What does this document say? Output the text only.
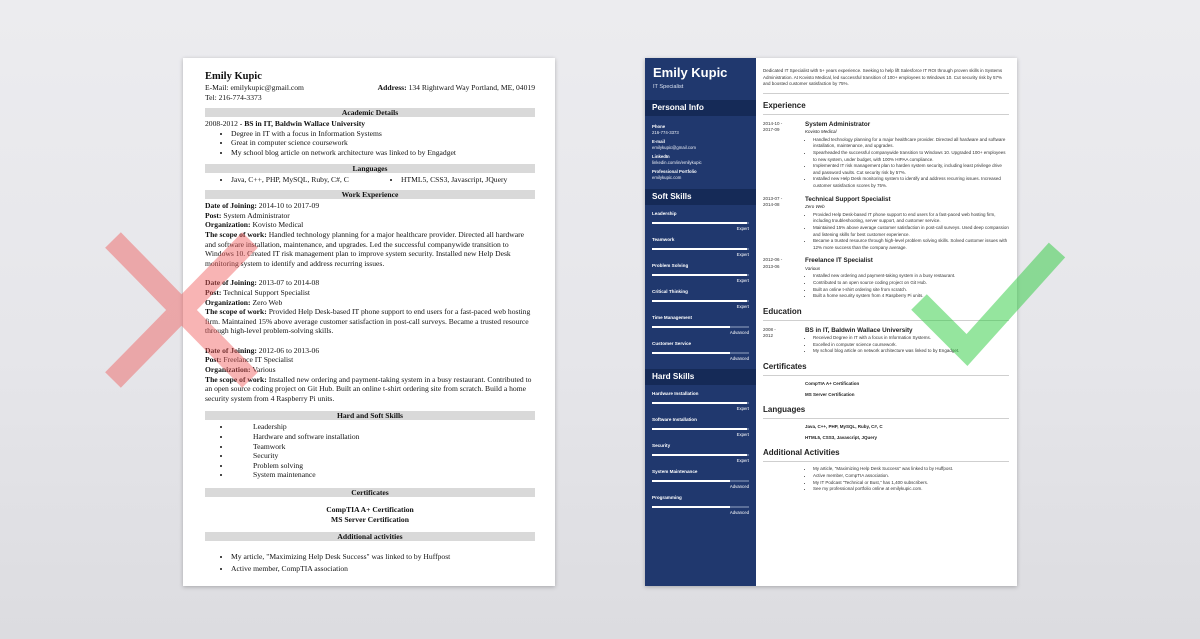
Emily Kupic
E-Mail: emilykupic@gmail.com	Address: 134 Rightward Way Portland, ME, 04019
Tel: 216-774-3373
Academic Details
2008-2012 - BS in IT, Baldwin Wallace University
• Degree in IT with a focus in Information Systems
• Great in computer science coursework
• My school blog article on network architecture was linked to by Engadget
Languages
• Java, C++, PHP, MySQL, Ruby, C#, C
•	HTML5, CSS3, Javascript, JQuery
Work Experience
Date of Joining: 2014-10 to 2017-09
Post: System Administrator
Organization: Kovisto Medical
The scope of work: Handled technology planning for a major healthcare provider. Directed all hardware and software installation, maintenance, and upgrades. Led the successful companywide transition to Windows 10. Created IT risk management plan to improve system security. Installed new Help Desk monitoring system to identify and address recurring issues.
Date of Joining: 2013-07 to 2014-08
Post: Technical Support Specialist
Organization: Zero Web
The scope of work: Provided Help Desk-based IT phone support to end users for a fast-paced web hosting firm. Maintained 15% above average customer satisfaction in post-call surveys. Became a trusted resource through high-level problem-solving skills.
Date of Joining: 2012-06 to 2013-06
Post: Freelance IT Specialist
Organization: Various
The scope of work: Installed new ordering and payment-taking system in a busy restaurant. Contributed to an open source coding project on Git Hub. Built an online t-shirt ordering site from scratch. Build a home security system from 4 Raspberry Pi units.
Hard and Soft Skills
• Leadership
• Hardware and software installation
• Teamwork
• Security
• Problem solving
• System maintenance
Certificates
CompTIA A+ Certification
MS Server Certification
Additional activities
• My article, "Maximizing Help Desk Success" was linked to by Huffpost
• Active member, CompTIA association
Emily Kupic
IT Specialist
Personal Info
Phone
216-774-3373
E-mail
emilykupic@gmail.com
LinkedIn
linkedin.com/in/emilykupic
Professional Portfolio
emilykupic.com
Soft Skills
Leadership
Expert
Teamwork
Expert
Problem Solving
Expert
Critical Thinking
Expert
Time Management
Advanced
Customer Service
Advanced
Hard Skills
Hardware Installation
Expert
Software Installation
Expert
Security
Expert
System Maintenance
Advanced
Programming
Advanced
Dedicated IT Specialist with 5+ years experience. Seeking to help lift Salesforce IT ROI through proven skills in Systems Administration. At Kovisto Medical, led successful transition of 100+ employees to Windows 10. Cut security risk by 57% and boosted customer satisfaction by 75%.
Experience
2014-10 -
2017-09
System Administrator
Kovisto Medical
• Handled technology planning for a major healthcare provider. Directed all hardware and software installation, maintenance, and upgrades.
• Spearheaded the successful companywide transition to Windows 10. Upgraded 100+ employees to new system, under budget, with 100% HIPAA compliance.
• Implemented IT risk management plan to harden system security, including least privilege drive and password vaults. Cut security risk by 57%.
• Installed new Help Desk monitoring system to identify and address recurring issues. Increased customer satisfaction scores by 75%.
2013-07 -
2014-08
Technical Support Specialist
Zero Web
• Provided Help Desk-based IT phone support to end users for a fast-paced web hosting firm, including troubleshooting, server support, and customer service.
• Maintained 15% above average customer satisfaction in post-call surveys. Used deep compassion and listening skills for best customer experience.
• Became a trusted resource through high-level problem solving skills. Solved customer issues with 12% more success than the company average.
2012-06 -
2013-06
Freelance IT Specialist
Various
• Installed new ordering and payment-taking system in a busy restaurant.
• Contributed to an open source coding project on Git Hub.
• Built an online t-shirt ordering site from scratch.
• Built a home security system from 4 Raspberry Pi units.
Education
2008 -
2012
BS in IT, Baldwin Wallace University
• Received Degree in IT with a focus in Information Systems.
• Excelled in computer science coursework.
• My school blog article on network architecture was linked to by Engadget.
Certificates
CompTIA A+ Certification
MS Server Certification
Languages
Java, C++, PHP, MySQL, Ruby, C#, C
HTML5, CSS3, Javascript, JQuery
Additional Activities
• My article, "Maximizing Help Desk Success" was linked to by Huffpost.
• Active member, CompTIA association.
• My IT Podcast "Technical or Bust," has 1,400 subscribers.
• See my professional portfolio online at emilykupic.com.
